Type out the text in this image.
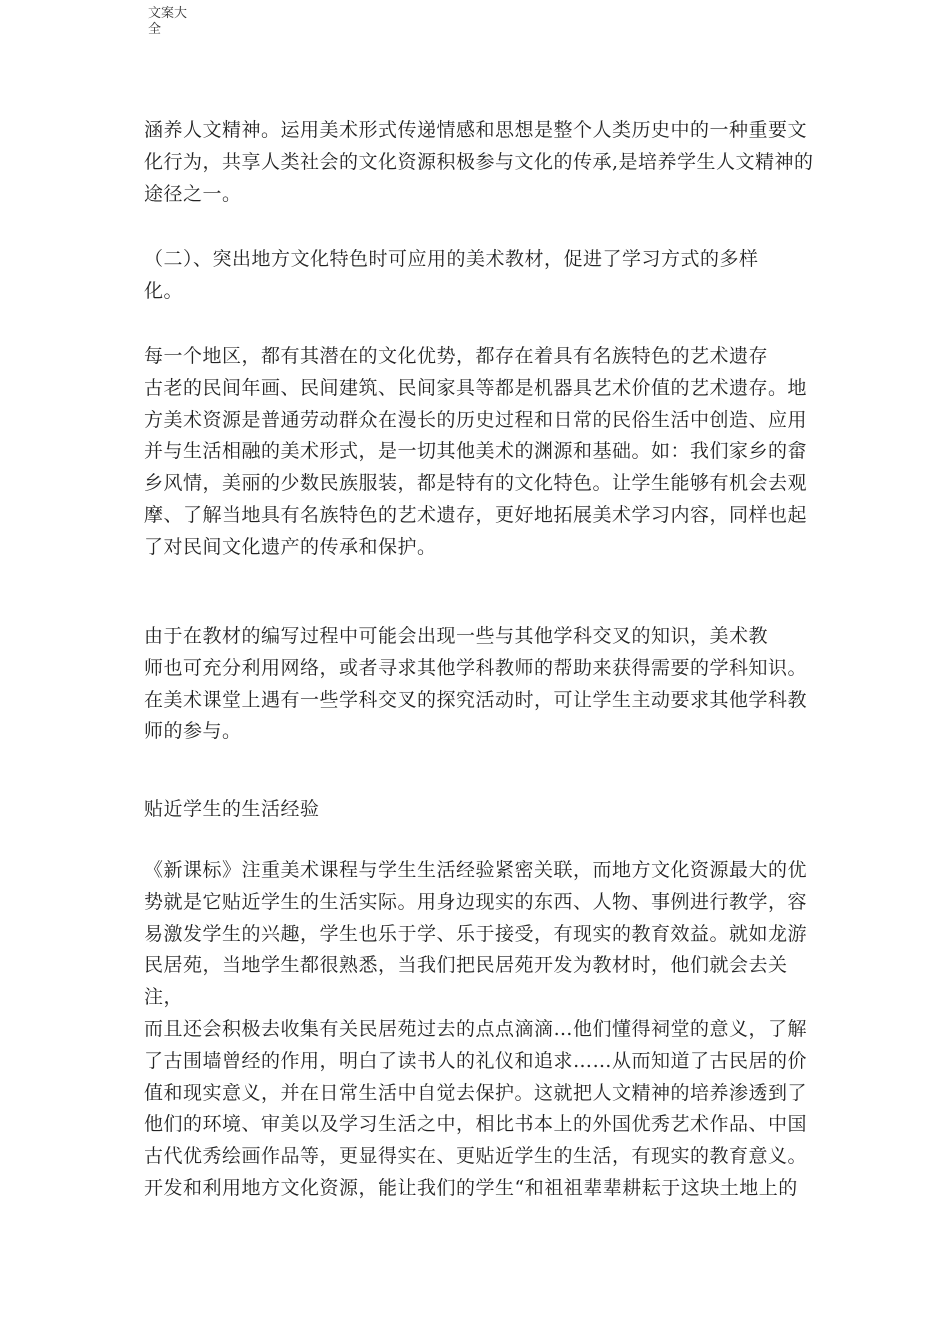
文案大
全

涵养人文精神。运用美术形式传递情感和思想是整个人类历史中的一种重要文
化行为，共享人类社会的文化资源积极参与文化的传承,是培养学生人文精神的
途径之一。

（二）、突出地方文化特色时可应用的美术教材，促进了学习方式的多样
化。

每一个地区，都有其潜在的文化优势，都存在着具有名族特色的艺术遗存
古老的民间年画、民间建筑、民间家具等都是机器具艺术价值的艺术遗存。地
方美术资源是普通劳动群众在漫长的历史过程和日常的民俗生活中创造、应用
并与生活相融的美术形式，是一切其他美术的渊源和基础。如：我们家乡的畲
乡风情，美丽的少数民族服装，都是特有的文化特色。让学生能够有机会去观
摩、了解当地具有名族特色的艺术遗存，更好地拓展美术学习内容，同样也起
了对民间文化遗产的传承和保护。

由于在教材的编写过程中可能会出现一些与其他学科交叉的知识，美术教
师也可充分利用网络，或者寻求其他学科教师的帮助来获得需要的学科知识。
在美术课堂上遇有一些学科交叉的探究活动时，可让学生主动要求其他学科教
师的参与。

贴近学生的生活经验

《新课标》注重美术课程与学生生活经验紧密关联，而地方文化资源最大的优
势就是它贴近学生的生活实际。用身边现实的东西、人物、事例进行教学，容
易激发学生的兴趣，学生也乐于学、乐于接受，有现实的教育效益。就如龙游
民居苑，当地学生都很熟悉，当我们把民居苑开发为教材时，他们就会去关注，
而且还会积极去收集有关民居苑过去的点点滴滴…他们懂得祠堂的意义，了解
了古围墙曾经的作用，明白了读书人的礼仪和追求……从而知道了古民居的价
值和现实意义，并在日常生活中自觉去保护。这就把人文精神的培养渗透到了
他们的环境、审美以及学习生活之中，相比书本上的外国优秀艺术作品、中国
古代优秀绘画作品等，更显得实在、更贴近学生的生活，有现实的教育意义。
开发和利用地方文化资源，能让我们的学生“和祖祖辈辈耕耘于这块土地上的
